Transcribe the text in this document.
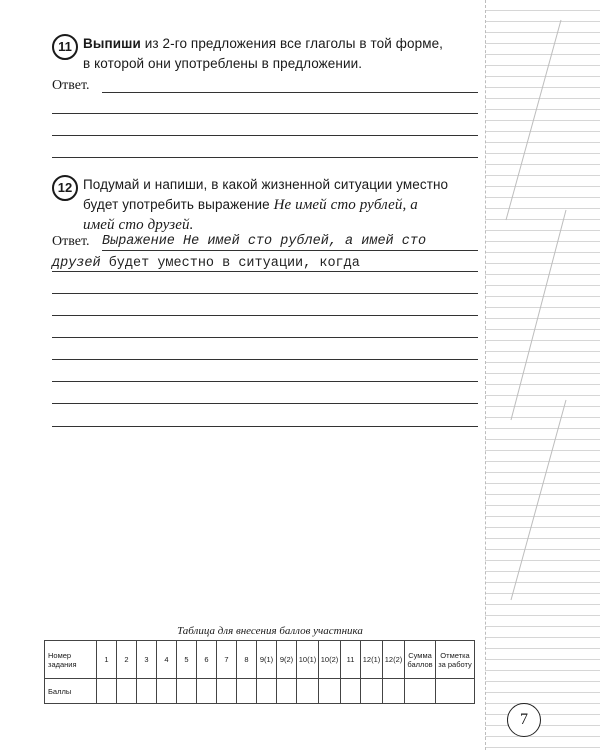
11 Выпиши из 2-го предложения все глаголы в той форме,
в которой они употреблены в предложении.
Ответ.
12 Подумай и напиши, в какой жизненной ситуации уместно
будет употребить выражение Не имей сто рублей, а
имей сто друзей.
Ответ. Выражение Не имей сто рублей, а имей сто
друзей будет уместно в ситуации, когда
Таблица для внесения баллов участника
Номер задания	1	2	3	4	5	6	7	8	9(1)	9(2)	10(1)	10(2)	11	12(1)	12(2)	Сумма баллов	Отметка за работу
Баллы																	
7
